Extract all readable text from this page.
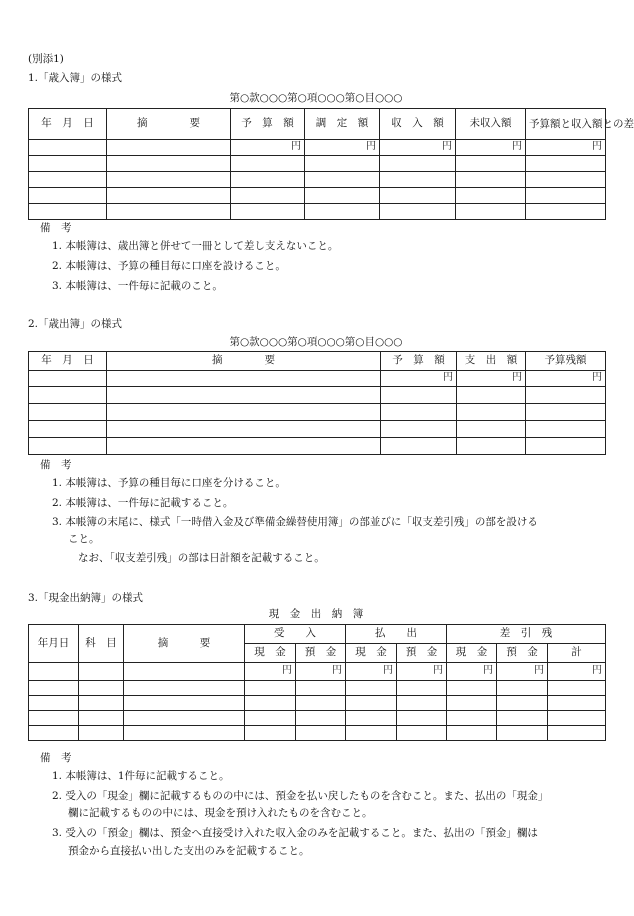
(別添1)
1.「歳入簿」の様式
第○款○○○第○項○○○第○目○○○
年　月　日	摘　　　　要	予　算　額	調　定　額	収　入　額	未収入額	予算額と収入額との差
		円	円	円	円	円

備　考
1. 本帳簿は、歳出簿と併せて一冊として差し支えないこと。
2. 本帳簿は、予算の種目毎に口座を設けること。
3. 本帳簿は、一件毎に記載のこと。
2.「歳出簿」の様式
第○款○○○第○項○○○第○目○○○
年　月　日	摘　　　　要	予　算　額	支　出　額	予算残額
		円	円	円

備　考
1. 本帳簿は、予算の種目毎に口座を分けること。
2. 本帳簿は、一件毎に記載すること。
3. 本帳簿の末尾に、様式「一時借入金及び準備金繰替使用簿」の部並びに「収支差引残」の部を設ける
こと。
なお、「収支差引残」の部は日計額を記載すること。
3.「現金出納簿」の様式
現　金　出　納　簿
年月日	科　目	摘　　　要	受　　入		払　　出		差　引　残		
			現　金	預　金	現　金	預　金	現　金	預　金	計
			円	円	円	円	円	円	円

備　考
1. 本帳簿は、1件毎に記載すること。
2. 受入の「現金」欄に記載するものの中には、預金を払い戻したものを含むこと。また、払出の「現金」
欄に記載するものの中には、現金を預け入れたものを含むこと。
3. 受入の「預金」欄は、預金へ直接受け入れた収入金のみを記載すること。また、払出の「預金」欄は
預金から直接払い出した支出のみを記載すること。
